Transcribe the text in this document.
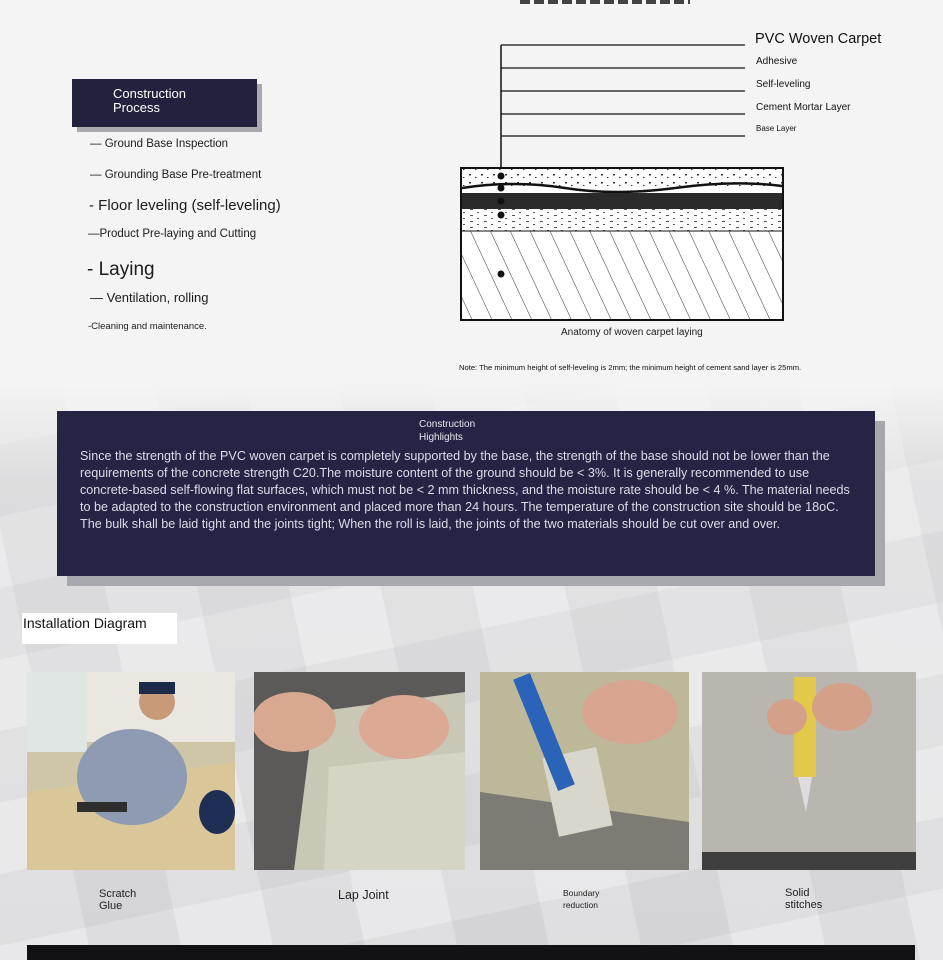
Construction
Process
— Ground Base Inspection
— Grounding Base Pre-treatment
- Floor leveling (self-leveling)
—Product Pre-laying and Cutting
- Laying
— Ventilation, rolling
-Cleaning and maintenance.
PVC Woven Carpet
Adhesive
Self-leveling
Cement Mortar Layer
Base Layer
Anatomy of woven carpet laying
Note: The minimum height of self-leveling is 2mm; the minimum height of cement sand layer is 25mm.
Construction
Highlights
Since the strength of the PVC woven carpet is completely supported by the base, the strength of the base should not be lower than the requirements of the concrete strength C20.The moisture content of the ground should be < 3%. It is generally recommended to use concrete-based self-flowing flat surfaces, which must not be < 2 mm thickness, and the moisture rate should be < 4 %. The material needs to be adapted to the construction environment and placed more than 24 hours. The temperature of the construction site should be 18oC. The bulk shall be laid tight and the joints tight; When the roll is laid, the joints of the two materials should be cut over and over.
Installation Diagram
Scratch
Glue
Lap Joint	Boundary
reduction
Solid
stitches
